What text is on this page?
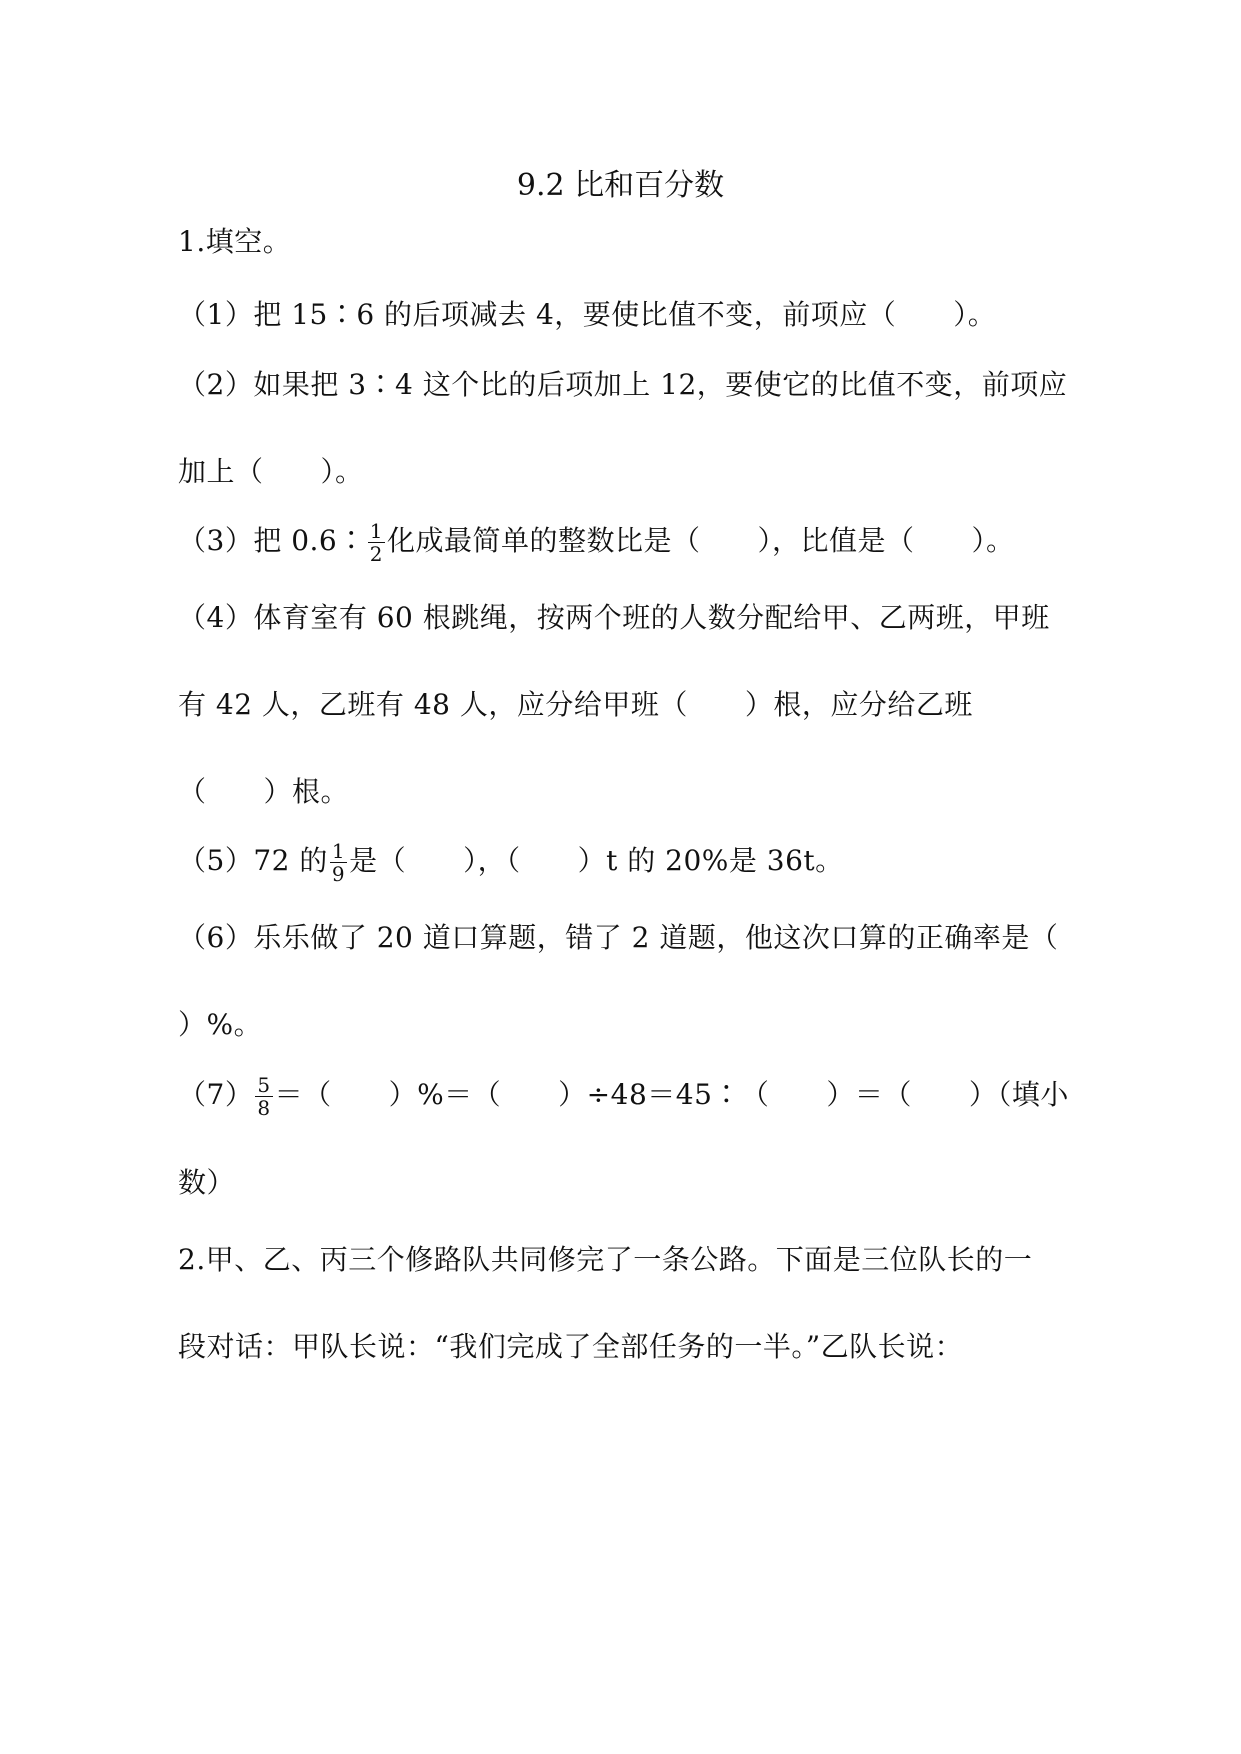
9.2 比和百分数
1.填空。
（1）把 15∶6 的后项减去 4，要使比值不变，前项应（　　）。
（2）如果把 3∶4 这个比的后项加上 12，要使它的比值不变，前项应
加上（　　）。
（3）把 0.6∶ $\frac{1}{2}$ 化成最简单的整数比是（　　），比值是（　　）。
（4）体育室有 60 根跳绳，按两个班的人数分配给甲、乙两班，甲班
有 42 人，乙班有 48 人，应分给甲班（　　）根，应分给乙班
（　　）根。
（5）72 的 $\frac{1}{9}$ 是（　　），（　　）t 的 20%是 36t。
（6）乐乐做了 20 道口算题，错了 2 道题，他这次口算的正确率是（
）%。
$(7) \frac{5}{8}$ ＝（　　）%＝（　　）÷48＝45∶（　　）＝（　　）（填小
数）
2.甲、乙、丙三个修路队共同修完了一条公路。下面是三位队长的一
段对话：甲队长说：“我们完成了全部任务的一半。”乙队长说：
